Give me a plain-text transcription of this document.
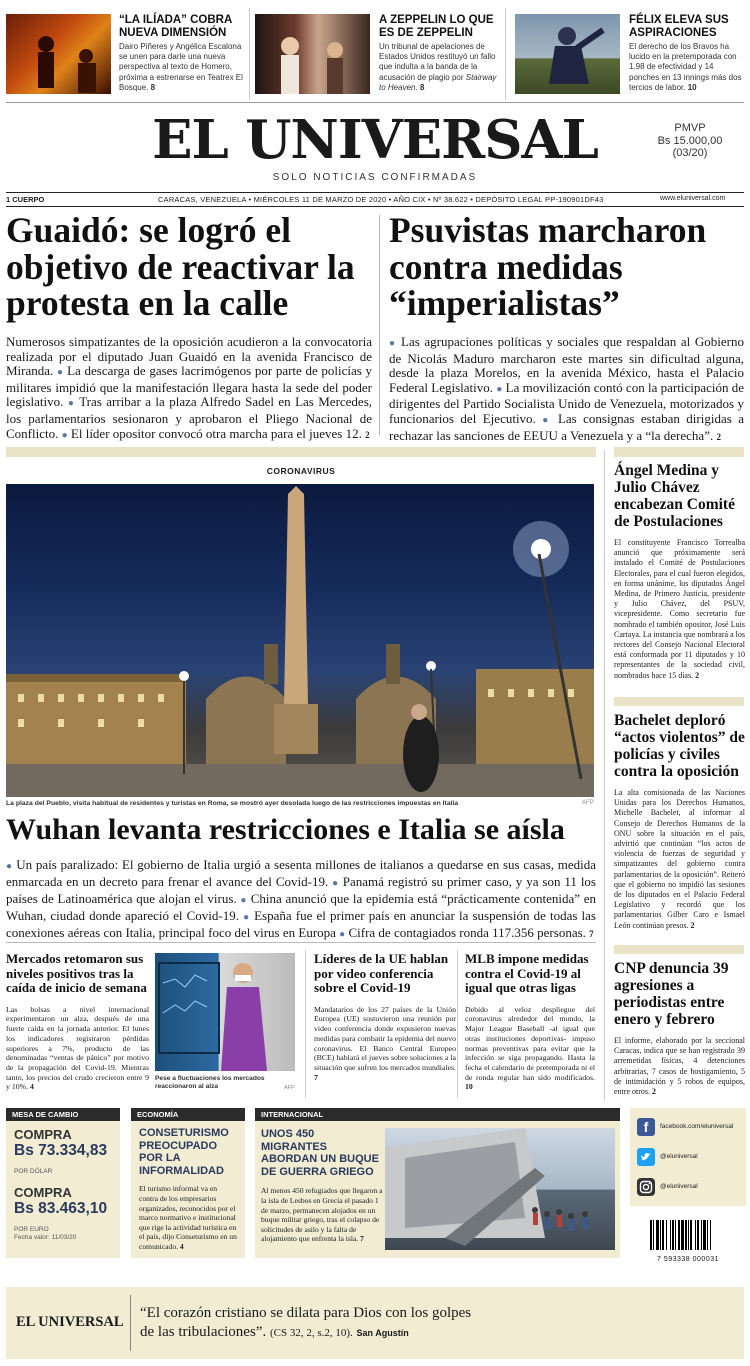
“LA ILÍADA” COBRA NUEVA DIMENSIÓN
Dairo Piñeres y Angélica Escalona se unen para darle una nueva perspectiva al texto de Homero, próxima a estrenarse en Teatrex El Bosque. 8
A ZEPPELIN LO QUE ES DE ZEPPELIN
Un tribunal de apelaciones de Estados Unidos restituyó un fallo que indulta a la banda de la acusación de plagio por Stairway to Heaven. 8
FÉLIX ELEVA SUS ASPIRACIONES
El derecho de los Bravos ha lucido en la pretemporada con 1.98 de efectividad y 14 ponches en 13 innings más dos tercios de labor. 10
EL UNIVERSAL
SOLO NOTICIAS CONFIRMADAS
PMVP
Bs 15.000,00
(03/20)
1 CUERPO	CARACAS, VENEZUELA • MIÉRCOLES 11 DE MARZO DE 2020 • AÑO CIX • Nº 38.622 • DEPÓSITO LEGAL PP-190901DF43	www.eluniversal.com
Guaidó: se logró el objetivo de reactivar la protesta en la calle
Numerosos simpatizantes de la oposición acudieron a la convocatoria realizada por el diputado Juan Guaidó en la avenida Francisco de Miranda. ● La descarga de gases lacrimógenos por parte de policías y militares impidió que la manifestación llegara hasta la sede del poder legislativo. ● Tras arribar a la plaza Alfredo Sadel en Las Mercedes, los parlamentarios sesionaron y aprobaron el Pliego Nacional de Conflicto. ● El líder opositor convocó otra marcha para el jueves 12. 2
Psuvistas marcharon contra medidas “imperialistas”
● Las agrupaciones políticas y sociales que respaldan al Gobierno de Nicolás Maduro marcharon este martes sin dificultad alguna, desde la plaza Morelos, en la avenida México, hasta el Palacio Federal Legislativo. ● La movilización contó con la participación de dirigentes del Partido Socialista Unido de Venezuela, motorizados y funcionarios del Ejecutivo. ● Las consignas estaban dirigidas a rechazar las sanciones de EEUU a Venezuela y a “la derecha”. 2
CORONAVIRUS
La plaza del Pueblo, visita habitual de residentes y turistas en Roma, se mostró ayer desolada luego de las restricciones impuestas en Italia	AFP
Wuhan levanta restricciones e Italia se aísla
● Un país paralizado: El gobierno de Italia urgió a sesenta millones de italianos a quedarse en sus casas, medida enmarcada en un decreto para frenar el avance del Covid-19. ● Panamá registró su primer caso, y ya son 11 los países de Latinoamérica que alojan el virus. ● China anunció que la epidemia está “prácticamente contenida” en Wuhan, ciudad donde apareció el Covid-19. ● España fue el primer país en anunciar la suspensión de todas las conexiones aéreas con Italia, principal foco del virus en Europa ● Cifra de contagiados ronda 117.356 personas. 7
Ángel Medina y Julio Chávez encabezan Comité de Postulaciones
El constituyente Francisco Torrealba anunció que próximamente será instalado el Comité de Postulaciones Electorales, para el cual fueron elegidos, en forma unánime, los diputados Ángel Medina, de Primero Justicia, presidente y Julio Chávez, del PSUV, vicepresidente. Como secretario fue nombrado el también opositor, José Luis Cartaya. La instancia que nombrará a los rectores del Consejo Nacional Electoral está conformada por 11 diputados y 10 representantes de la sociedad civil, nombrados hace 15 días. 2
Bachelet deploró “actos violentos” de policías y civiles contra la oposición
La alta comisionada de las Naciones Unidas para los Derechos Humanos, Michelle Bachelet, al informar al Consejo de Derechos Humanos de la ONU sobre la situación en el país, advirtió que continúan “los actos de violencia de fuerzas de seguridad y simpatizantes del gobierno contra parlamentarios de la oposición”. Reiteró que el gobierno no impidió las sesiones de los diputados en el Palacio Federal Legislativo y recordó que los parlamentarios Gilber Caro e Ismael León continúan presos. 2
CNP denuncia 39 agresiones a periodistas entre enero y febrero
El informe, elaborado por la seccional Caracas, indica que se han registrado 39 arremetidas físicas, 4 detenciones arbitrarias, 7 casos de hostigamiento, 5 de intimidación y 5 robos de equipos, entre otros. 2
Mercados retomaron sus niveles positivos tras la caída de inicio de semana
Las bolsas a nivel internacional experimentaron un alza, después de una fuerte caída en la jornada anterior. El lunes los indicadores registraron pérdidas superiores a 7%, producto de las denominadas “ventas de pánico” por motivo de la propagación del Covid-19. Mientras tanto, los precios del crudo crecieron entre 9 y 10%. 4
Pese a fluctuaciones los mercados reaccionaron al alza	AFP
Líderes de la UE hablan por video conferencia sobre el Covid-19
Mandatarios de los 27 países de la Unión Europea (UE) sostuvieron una reunión por video conferencia donde expusieron nuevas medidas para combatir la epidemia del nuevo coronavirus. El Banco Central Europeo (BCE) hablará el jueves sobre soluciones a la situación que sufren los mercados mundiales. 7
MLB impone medidas contra el Covid-19 al igual que otras ligas
Debido al veloz despliegue del coronavirus alrededor del mundo, la Major League Baseball -al igual que otras instituciones deportivas- impuso normas preventivas para evitar que la infección se siga propagando. Hasta la fecha el calendario de pretemporada ni el de ronda regular han sido modificados. 10
MESA DE CAMBIO
COMPRA
Bs 73.334,83
POR DÓLAR
COMPRA
Bs 83.463,10
POR EURO
Fecha valor: 11/03/20
ECONOMÍA
CONSETURISMO PREOCUPADO POR LA INFORMALIDAD
El turismo informal va en contra de los empresarios organizados, reconocidos por el marco normativo e institucional que rige la actividad turística en el país, dijo Conseturismo en un comunicado. 4
INTERNACIONAL
UNOS 450 MIGRANTES ABORDAN UN BUQUE DE GUERRA GRIEGO
Al menos 450 refugiados que llegaron a la isla de Lesbos en Grecia el pasado 1 de marzo, permanecen alojados en un buque militar griego, tras el colapso de solicitudes de asilo y la falta de alojamiento que enfrenta la isla. 7
f	facebook.com/eluniversal
@eluniversal
@eluniversal
7 593338 000031
EL UNIVERSAL
“El corazón cristiano se dilata para Dios con los golpes
de las tribulaciones”. (CS 32, 2, s.2, 10). San Agustín
